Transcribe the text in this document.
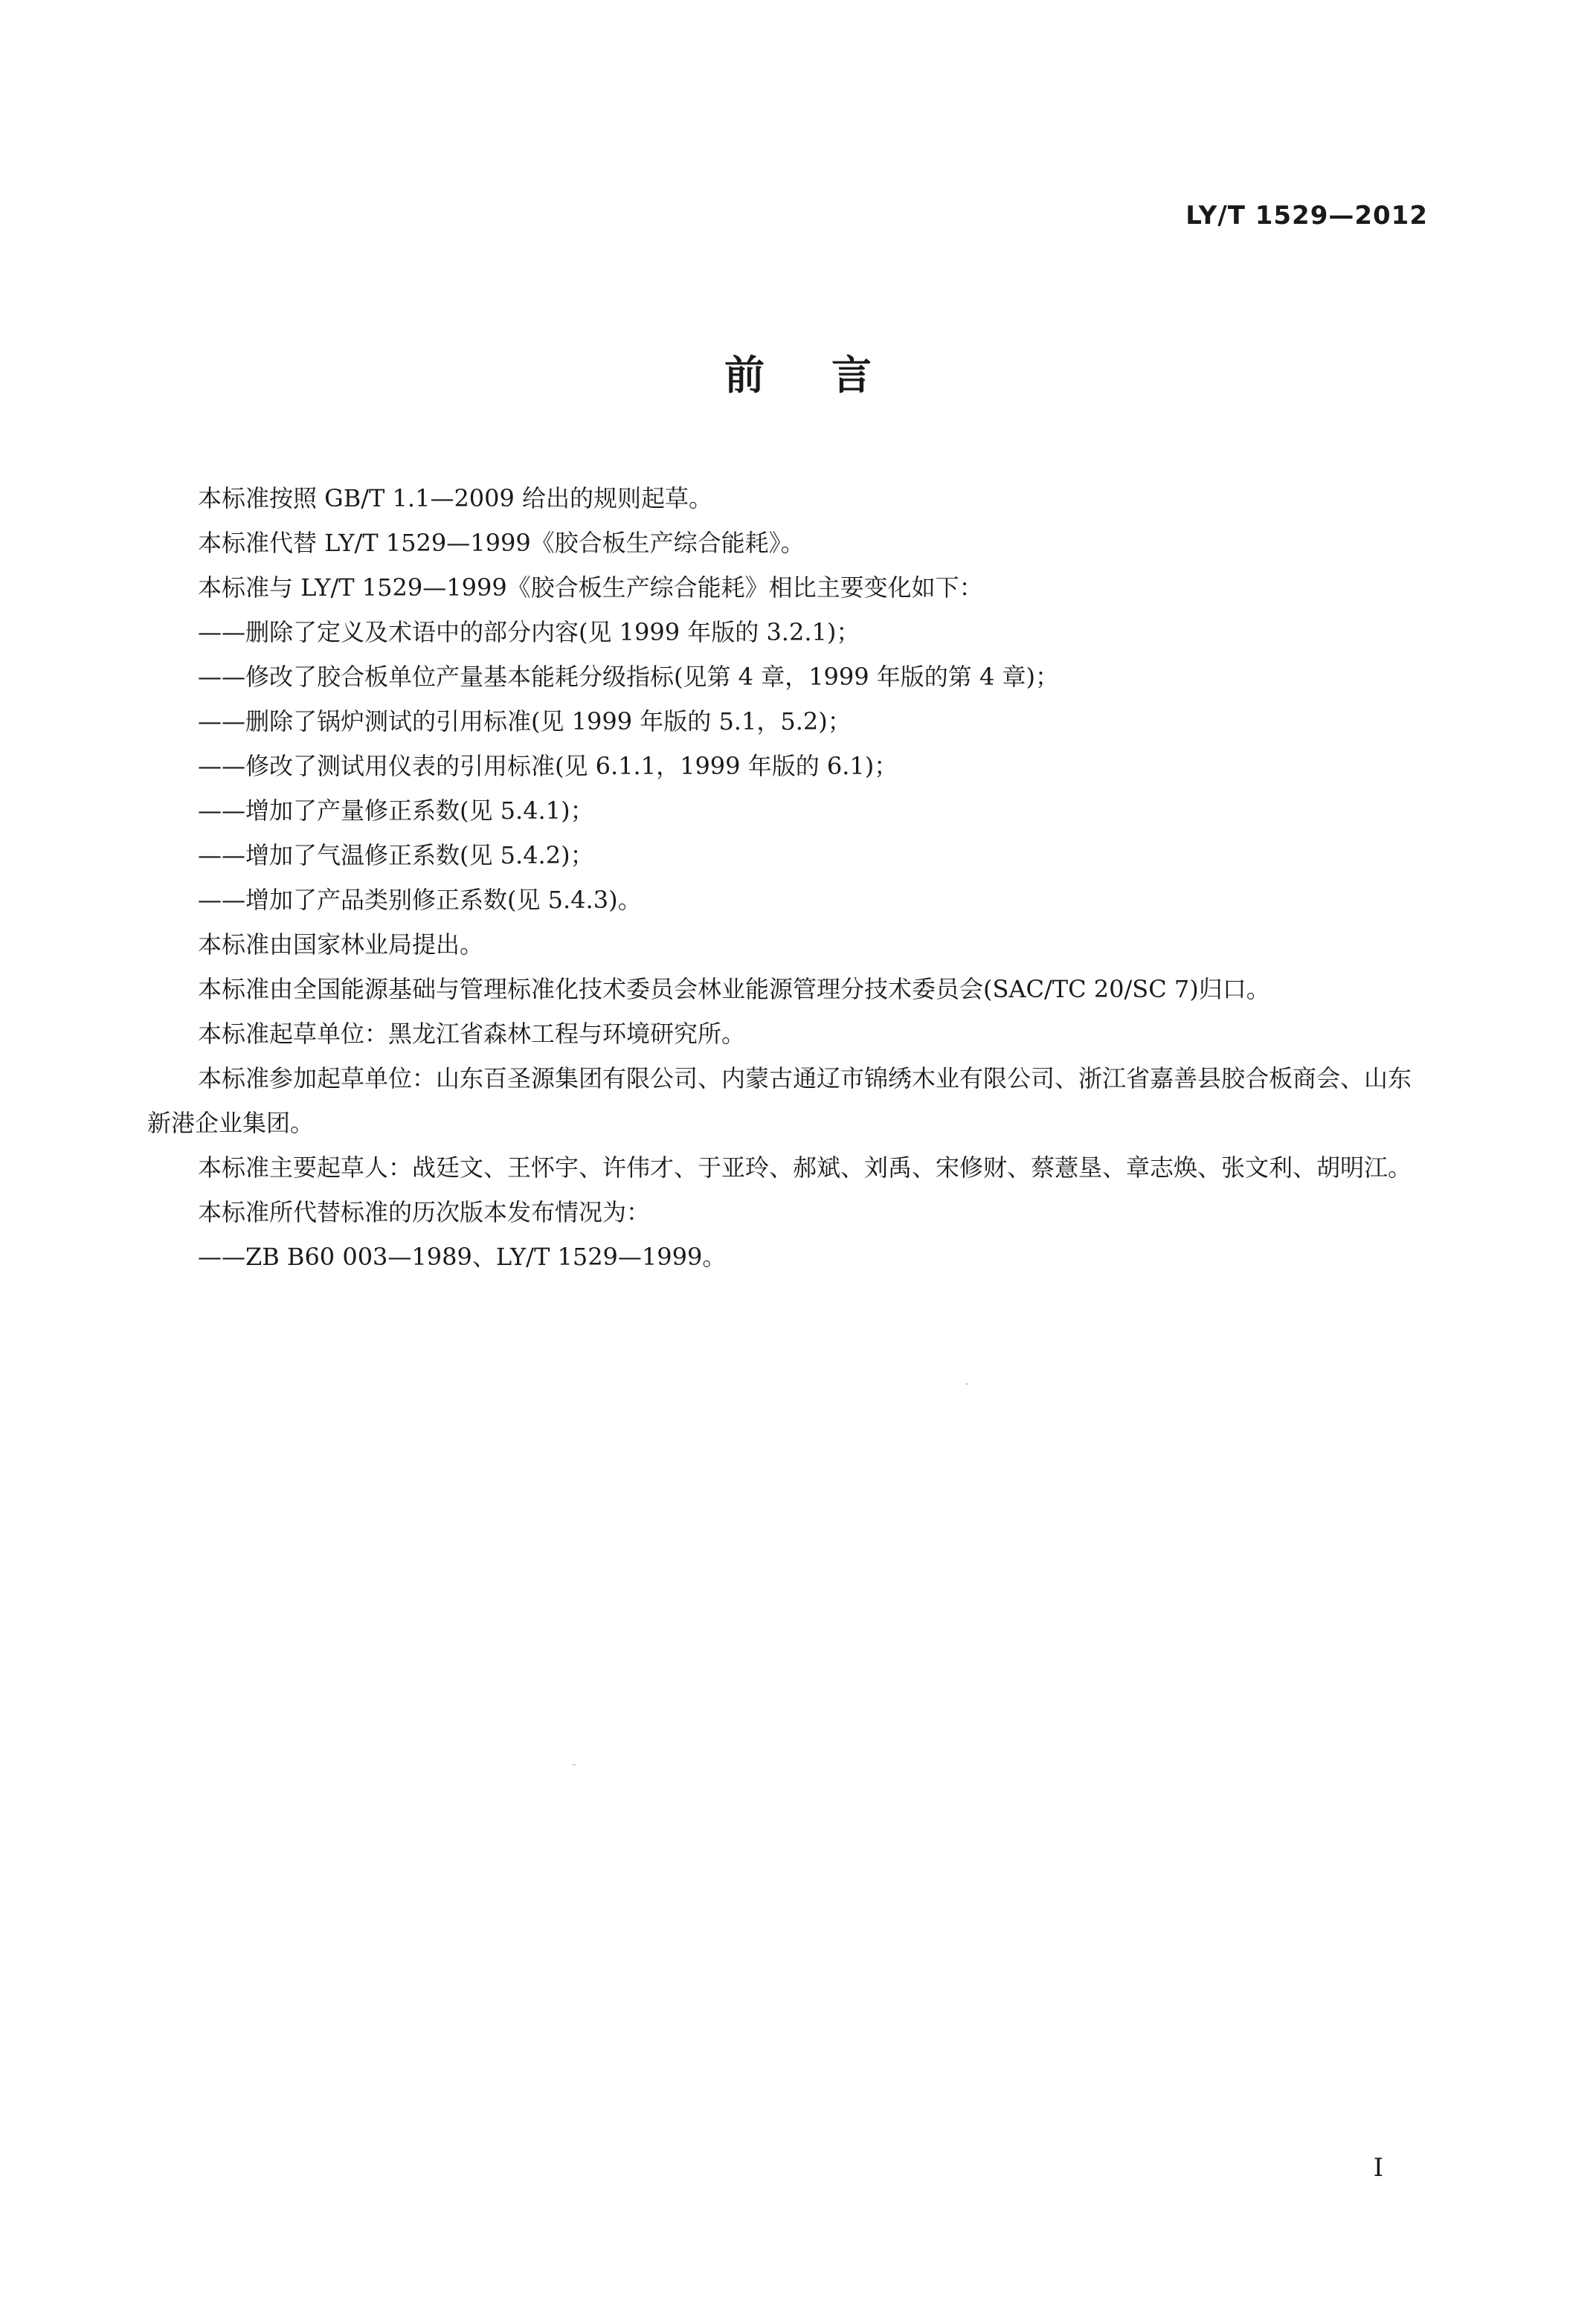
LY/T 1529—2012
前言

本标准按照 GB/T 1.1—2009 给出的规则起草。

本标准代替 LY/T 1529—1999《胶合板生产综合能耗》。

本标准与 LY/T 1529—1999《胶合板生产综合能耗》相比主要变化如下：

——删除了定义及术语中的部分内容(见 1999 年版的 3.2.1)；

——修改了胶合板单位产量基本能耗分级指标(见第 4 章，1999 年版的第 4 章)；

——删除了锅炉测试的引用标准(见 1999 年版的 5.1，5.2)；

——修改了测试用仪表的引用标准(见 6.1.1，1999 年版的 6.1)；

——增加了产量修正系数(见 5.4.1)；

——增加了气温修正系数(见 5.4.2)；

——增加了产品类别修正系数(见 5.4.3)。

本标准由国家林业局提出。

本标准由全国能源基础与管理标准化技术委员会林业能源管理分技术委员会(SAC/TC 20/SC 7)归口。

本标准起草单位：黑龙江省森林工程与环境研究所。

本标准参加起草单位：山东百圣源集团有限公司、内蒙古通辽市锦绣木业有限公司、浙江省嘉善县胶合板商会、山东新港企业集团。

本标准主要起草人：战廷文、王怀宇、许伟才、于亚玲、郝斌、刘禹、宋修财、蔡薏垦、章志焕、张文利、胡明江。

本标准所代替标准的历次版本发布情况为：

——ZB B60 003—1989、LY/T 1529—1999。

I
